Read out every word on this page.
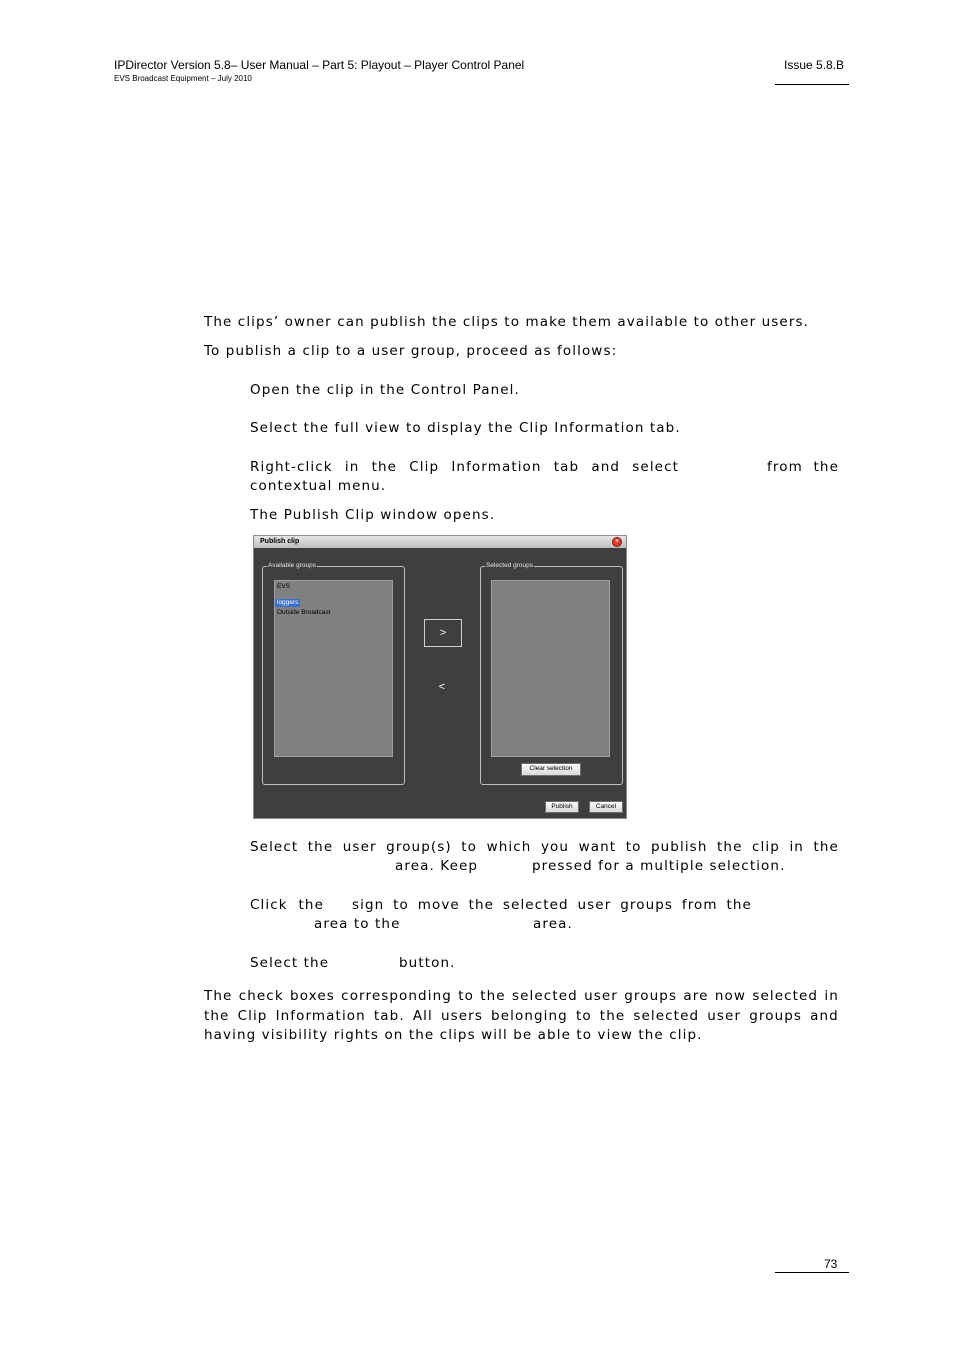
IPDirector Version 5.8– User Manual – Part 5: Playout – Player Control Panel
EVS Broadcast Equipment – July 2010
Issue 5.8.B
The clips’ owner can publish the clips to make them available to other users.
To publish a clip to a user group, proceed as follows:
Open the clip in the Control Panel.
Select the full view to display the Clip Information tab.
Right-click in the Clip Information tab and select	from the
contextual menu.
The Publish Clip window opens.
Publish clip	×
Available groups
EVS
loggers
Outside Broadcast
>
<
Selected groups
Clear selection
Publish	Cancel
Select the user group(s) to which you want to publish the clip in the
area. Keep	pressed for a multiple selection.
Click the sign to move the selected user groups from the
area to the	area.
Select the	button.
The check boxes corresponding to the selected user groups are now selected in
the Clip Information tab. All users belonging to the selected user groups and
having visibility rights on the clips will be able to view the clip.
73
